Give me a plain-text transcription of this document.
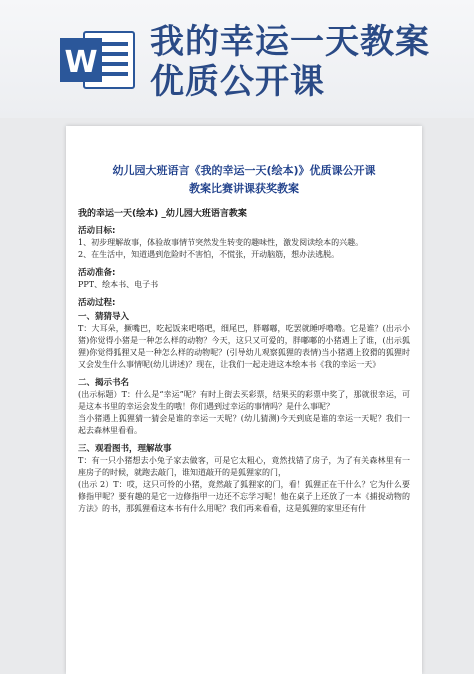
W
我的幸运一天教案
优质公开课
幼儿园大班语言《我的幸运一天(绘本)》优质课公开课
教案比赛讲课获奖教案
我的幸运一天(绘本) _幼儿园大班语言教案
活动目标:
1、初步理解故事，体验故事情节突然发生转变的趣味性，激发阅读绘本的兴趣。
2、在生活中，知道遇到危险时不害怕，不慌张，开动脑筋，想办法逃脱。
活动准备:
PPT、绘本书、电子书
活动过程:
一、猜猜导入
T：大耳朵，撅嘴巴，吃起饭来吧嗒吧，细尾巴，胖嘟嘟，吃罢就睡呼噜噜。它是谁？(出示小猪)你觉得小猪是一种怎么样的动物？今天，这只又可爱的，胖嘟嘟的小猪遇上了谁，(出示狐狸)你觉得狐狸又是一种怎么样的动物呢？(引导幼儿观察狐狸的表情)当小猪遇上狡猾的狐狸时又会发生什么事情呢(幼儿讲述)？现在，让我们一起走进这本绘本书《我的幸运一天》
二、揭示书名
(出示标题）T：什么是“幸运”呢？有时上街去买彩票，结果买的彩票中奖了，那就很幸运，可是这本书里的幸运会发生的哦！你们遇到过幸运的事情吗？是什么事呢？
当小猪遇上狐狸猜一猜会是谁的幸运一天呢？(幼儿猜测)今天到底是谁的幸运一天呢？我们一起去森林里看看。
三、观看图书，理解故事
T：有一只小猪想去小兔子家去做客，可是它太粗心，竟然找错了房子，为了有关森林里有一座房子的时候，就跑去敲门，谁知道敲开的是狐狸家的门，
(出示 2）T：哎，这只可怜的小猪，竟然敲了狐狸家的门，看！狐狸正在干什么？它为什么要修指甲呢？要有趣的是它一边修指甲一边还不忘学习呢！他在桌子上还放了一本《捕捉动物的方法》的书，那狐狸看这本书有什么用呢？我们再来看看，这是狐狸的家里还有什
